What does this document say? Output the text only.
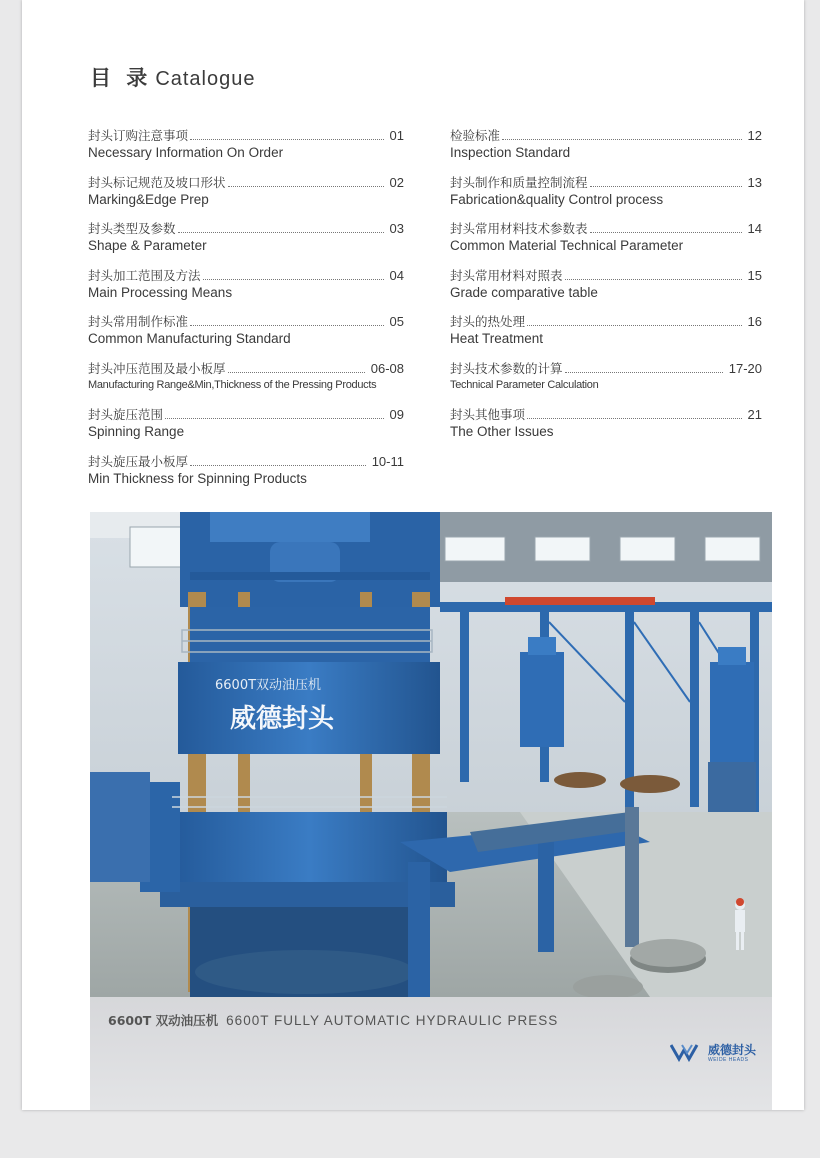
目 录 Catalogue
封头订购注意事项	01
Necessary Information On Order
封头标记规范及坡口形状	02
Marking&Edge Prep
封头类型及参数	03
Shape & Parameter
封头加工范围及方法	04
Main Processing Means
封头常用制作标准	05
Common Manufacturing Standard
封头冲压范围及最小板厚	06-08
Manufacturing Range&Min,Thickness of the Pressing Products
封头旋压范围	09
Spinning Range
封头旋压最小板厚	10-11
Min Thickness for Spinning Products
检验标准	12
Inspection Standard
封头制作和质量控制流程	13
Fabrication&quality Control process
封头常用材料技术参数表	14
Common Material Technical Parameter
封头常用材料对照表	15
Grade comparative table
封头的热处理	16
Heat Treatment
封头技术参数的计算	17-20
Technical Parameter Calculation
封头其他事项	21
The Other Issues
6600T双动油压机
威德封头
6600T 双动油压机 6600T FULLY AUTOMATIC HYDRAULIC PRESS
威德封头
WEIDE HEADS
